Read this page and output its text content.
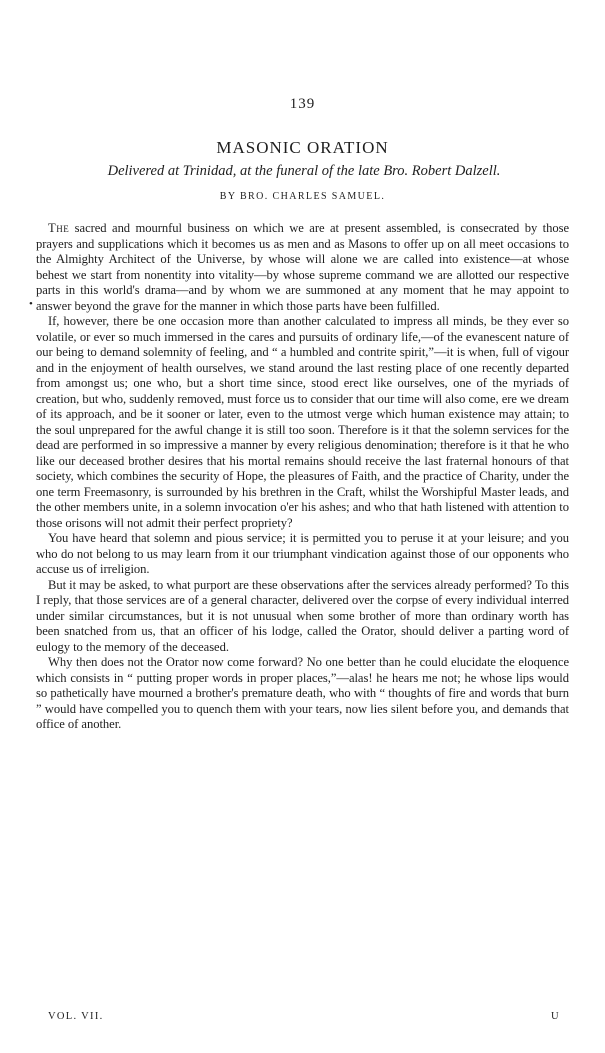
139
MASONIC ORATION
Delivered at Trinidad, at the funeral of the late Bro. Robert Dalzell.
BY BRO. CHARLES SAMUEL.
•

The sacred and mournful business on which we are at present assembled, is consecrated by those prayers and supplications which it becomes us as men and as Masons to offer up on all meet occasions to the Almighty Architect of the Universe, by whose will alone we are called into existence—at whose behest we start from nonentity into vitality—by whose supreme command we are allotted our respective parts in this world's drama—and by whom we are summoned at any moment that he may appoint to answer beyond the grave for the manner in which those parts have been fulfilled.

If, however, there be one occasion more than another calculated to impress all minds, be they ever so volatile, or ever so much immersed in the cares and pursuits of ordinary life,—of the evanescent nature of our being to demand solemnity of feeling, and “ a humbled and contrite spirit,”—it is when, full of vigour and in the enjoyment of health ourselves, we stand around the last resting place of one recently departed from amongst us; one who, but a short time since, stood erect like ourselves, one of the myriads of creation, but who, suddenly removed, must force us to consider that our time will also come, ere we dream of its approach, and be it sooner or later, even to the utmost verge which human existence may attain; to the soul unprepared for the awful change it is still too soon. Therefore is it that the solemn services for the dead are performed in so impressive a manner by every religious denomination; therefore is it that he who like our deceased brother desires that his mortal remains should receive the last fraternal honours of that society, which combines the security of Hope, the pleasures of Faith, and the practice of Charity, under the one term Freemasonry, is surrounded by his brethren in the Craft, whilst the Worshipful Master leads, and the other members unite, in a solemn invocation o'er his ashes; and who that hath listened with attention to those orisons will not admit their perfect propriety?

You have heard that solemn and pious service; it is permitted you to peruse it at your leisure; and you who do not belong to us may learn from it our triumphant vindication against those of our opponents who accuse us of irreligion.

But it may be asked, to what purport are these observations after the services already performed? To this I reply, that those services are of a general character, delivered over the corpse of every individual interred under similar circumstances, but it is not unusual when some brother of more than ordinary worth has been snatched from us, that an officer of his lodge, called the Orator, should deliver a parting word of eulogy to the memory of the deceased.

Why then does not the Orator now come forward? No one better than he could elucidate the eloquence which consists in “ putting proper words in proper places,”—alas! he hears me not; he whose lips would so pathetically have mourned a brother's premature death, who with “ thoughts of fire and words that burn ” would have compelled you to quench them with your tears, now lies silent before you, and demands that office of another.

VOL. VII.	U
